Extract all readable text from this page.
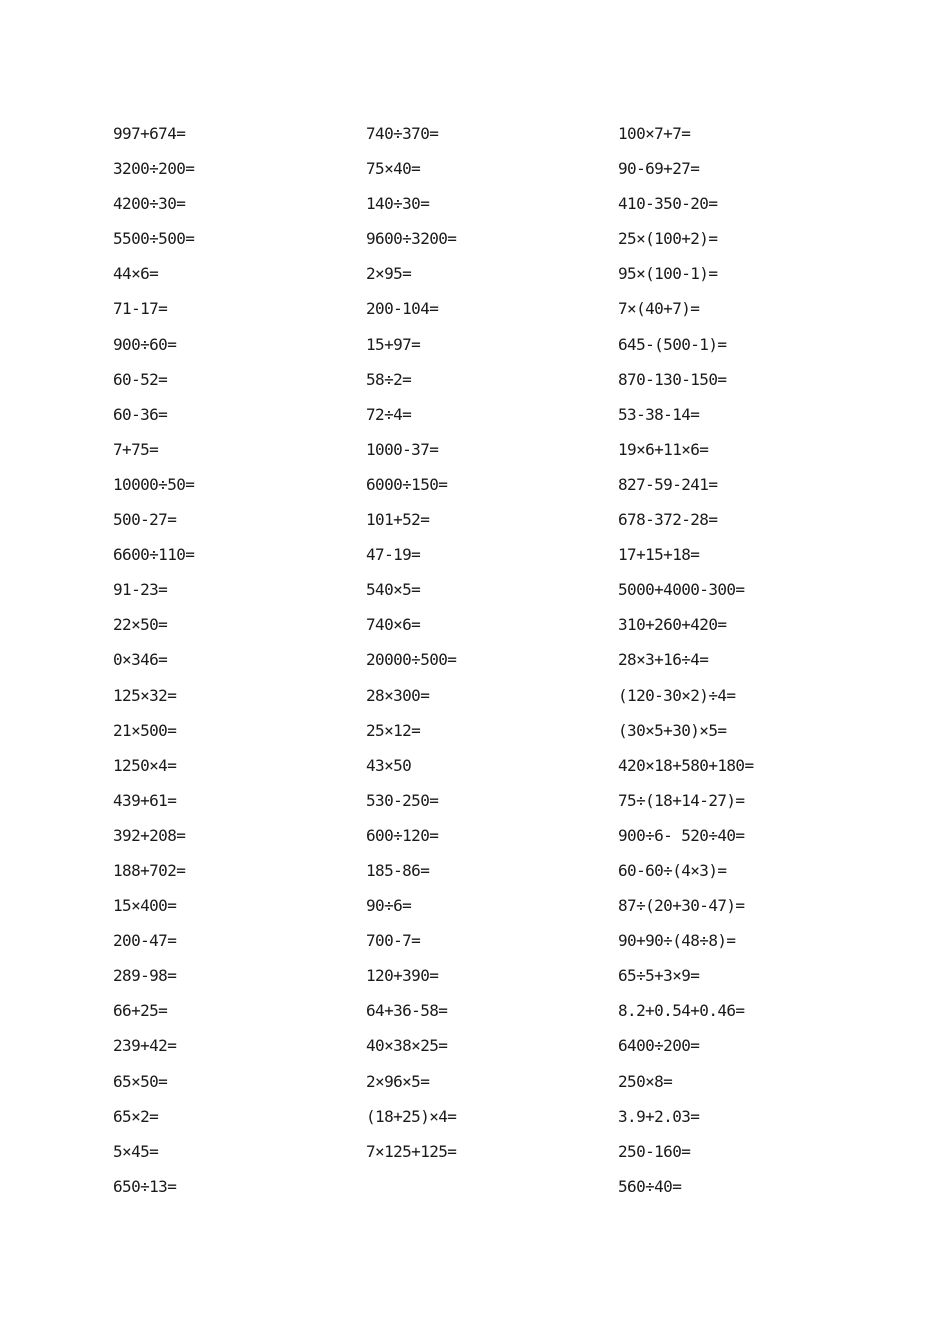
997+674=
3200÷200=
4200÷30=
5500÷500=
44×6=
71-17=
900÷60=
60-52=
60-36=
7+75=
10000÷50=
500-27=
6600÷110=
91-23=
22×50=
0×346=
125×32=
21×500=
1250×4=
439+61=
392+208=
188+702=
15×400=
200-47=
289-98=
66+25=
239+42=
65×50=
65×2=
5×45=
650÷13=
740÷370=
75×40=
140÷30=
9600÷3200=
2×95=
200-104=
15+97=
58÷2=
72÷4=
1000-37=
6000÷150=
101+52=
47-19=
540×5=
740×6=
20000÷500=
28×300=
25×12=
43×50
530-250=
600÷120=
185-86=
90÷6=
700-7=
120+390=
64+36-58=
40×38×25=
2×96×5=
(18+25)×4=
7×125+125=
100×7+7=
90-69+27=
410-350-20=
25×(100+2)=
95×(100-1)=
7×(40+7)=
645-(500-1)=
870-130-150=
53-38-14=
19×6+11×6=
827-59-241=
678-372-28=
17+15+18=
5000+4000-300=
310+260+420=
28×3+16÷4=
(120-30×2)÷4=
(30×5+30)×5=
420×18+580+180=
75÷(18+14-27)=
900÷6- 520÷40=
60-60÷(4×3)=
87÷(20+30-47)=
90+90÷(48÷8)=
65÷5+3×9=
8.2+0.54+0.46=
6400÷200=
250×8=
3.9+2.03=
250-160=
560÷40=
